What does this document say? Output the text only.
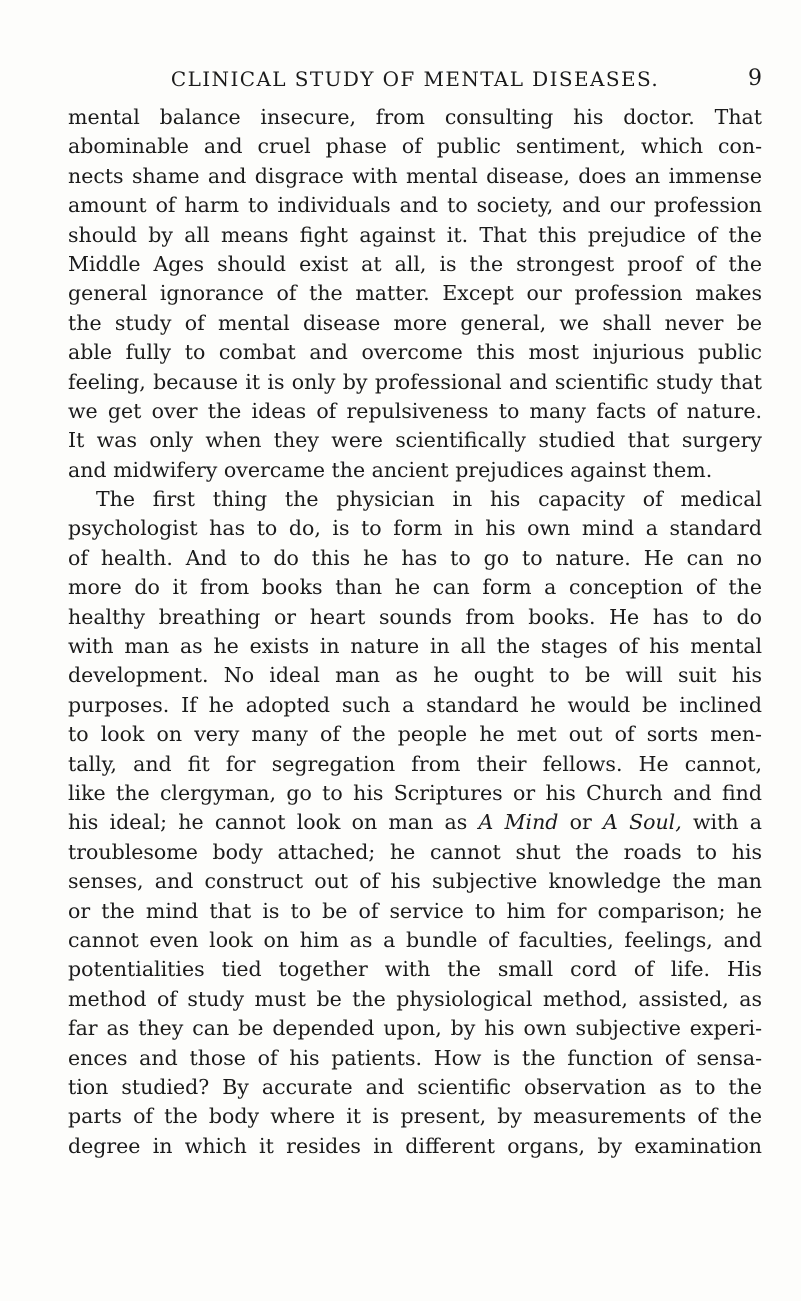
CLINICAL STUDY OF MENTAL DISEASES.	9
mental balance insecure, from consulting his doctor. That
abominable and cruel phase of public sentiment, which con-
nects shame and disgrace with mental disease, does an immense
amount of harm to individuals and to society, and our profession
should by all means fight against it. That this prejudice of the
Middle Ages should exist at all, is the strongest proof of the
general ignorance of the matter. Except our profession makes
the study of mental disease more general, we shall never be
able fully to combat and overcome this most injurious public
feeling, because it is only by professional and scientific study that
we get over the ideas of repulsiveness to many facts of nature.
It was only when they were scientifically studied that surgery
and midwifery overcame the ancient prejudices against them.
The first thing the physician in his capacity of medical
psychologist has to do, is to form in his own mind a standard
of health. And to do this he has to go to nature. He can no
more do it from books than he can form a conception of the
healthy breathing or heart sounds from books. He has to do
with man as he exists in nature in all the stages of his mental
development. No ideal man as he ought to be will suit his
purposes. If he adopted such a standard he would be inclined
to look on very many of the people he met out of sorts men-
tally, and fit for segregation from their fellows. He cannot,
like the clergyman, go to his Scriptures or his Church and find
his ideal; he cannot look on man as A Mind or A Soul, with a
troublesome body attached; he cannot shut the roads to his
senses, and construct out of his subjective knowledge the man
or the mind that is to be of service to him for comparison; he
cannot even look on him as a bundle of faculties, feelings, and
potentialities tied together with the small cord of life. His
method of study must be the physiological method, assisted, as
far as they can be depended upon, by his own subjective experi-
ences and those of his patients. How is the function of sensa-
tion studied? By accurate and scientific observation as to the
parts of the body where it is present, by measurements of the
degree in which it resides in different organs, by examination
